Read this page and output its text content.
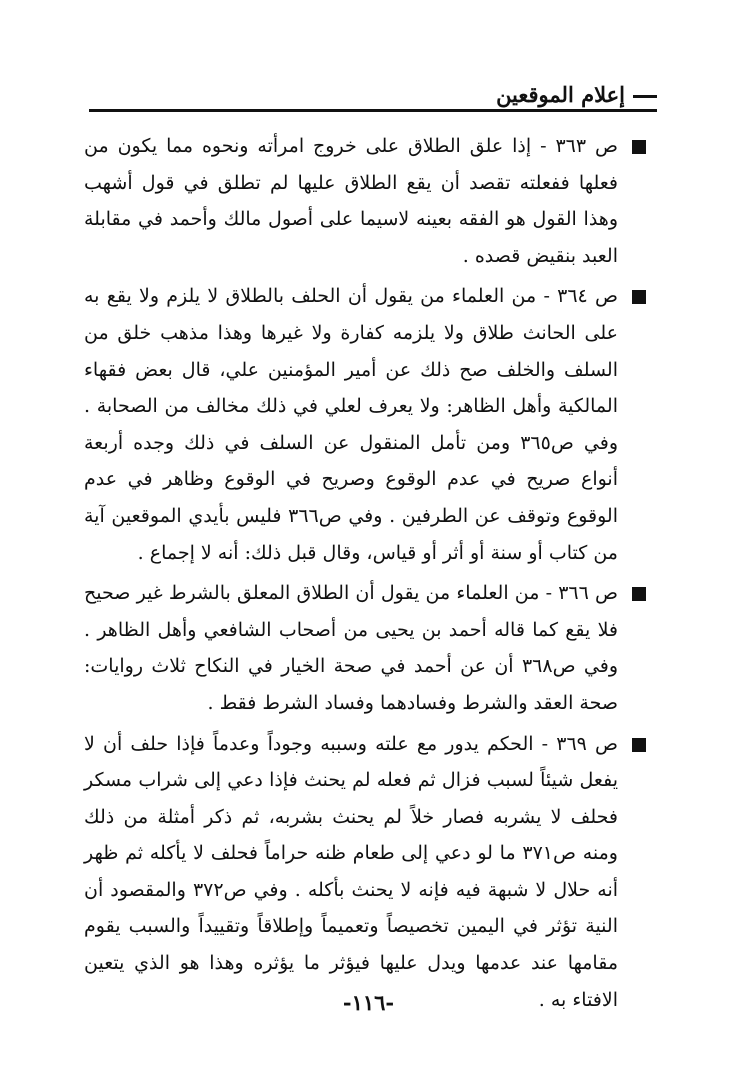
إعلام الموقعين

ص ٣٦٣ - إذا علق الطلاق على خروج امرأته ونحوه مما يكون من فعلها ففعلته تقصد أن يقع الطلاق عليها لم تطلق في قول أشهب وهذا القول هو الفقه بعينه لاسيما على أصول مالك وأحمد في مقابلة العبد بنقيض قصده .

ص ٣٦٤ - من العلماء من يقول أن الحلف بالطلاق لا يلزم ولا يقع به على الحانث طلاق ولا يلزمه كفارة ولا غيرها وهذا مذهب خلق من السلف والخلف صح ذلك عن أمير المؤمنين علي، قال بعض فقهاء المالكية وأهل الظاهر: ولا يعرف لعلي في ذلك مخالف من الصحابة . وفي ص٣٦٥ ومن تأمل المنقول عن السلف في ذلك وجده أربعة أنواع صريح في عدم الوقوع وصريح في الوقوع وظاهر في عدم الوقوع وتوقف عن الطرفين . وفي ص٣٦٦ فليس بأيدي الموقعين آية من كتاب أو سنة أو أثر أو قياس، وقال قبل ذلك: أنه لا إجماع .

ص ٣٦٦ - من العلماء من يقول أن الطلاق المعلق بالشرط غير صحيح فلا يقع كما قاله أحمد بن يحيى من أصحاب الشافعي وأهل الظاهر . وفي ص٣٦٨ أن عن أحمد في صحة الخيار في النكاح ثلاث روايات: صحة العقد والشرط وفسادهما وفساد الشرط فقط .

ص ٣٦٩ - الحكم يدور مع علته وسببه وجوداً وعدماً فإذا حلف أن لا يفعل شيئاً لسبب فزال ثم فعله لم يحنث فإذا دعي إلى شراب مسكر فحلف لا يشربه فصار خلاً لم يحنث بشربه، ثم ذكر أمثلة من ذلك ومنه ص٣٧١ ما لو دعي إلى طعام ظنه حراماً فحلف لا يأكله ثم ظهر أنه حلال لا شبهة فيه فإنه لا يحنث بأكله . وفي ص٣٧٢ والمقصود أن النية تؤثر في اليمين تخصيصاً وتعميماً وإطلاقاً وتقييداً والسبب يقوم مقامها عند عدمها ويدل عليها فيؤثر ما يؤثره وهذا هو الذي يتعين الافتاء به .

-١١٦-
